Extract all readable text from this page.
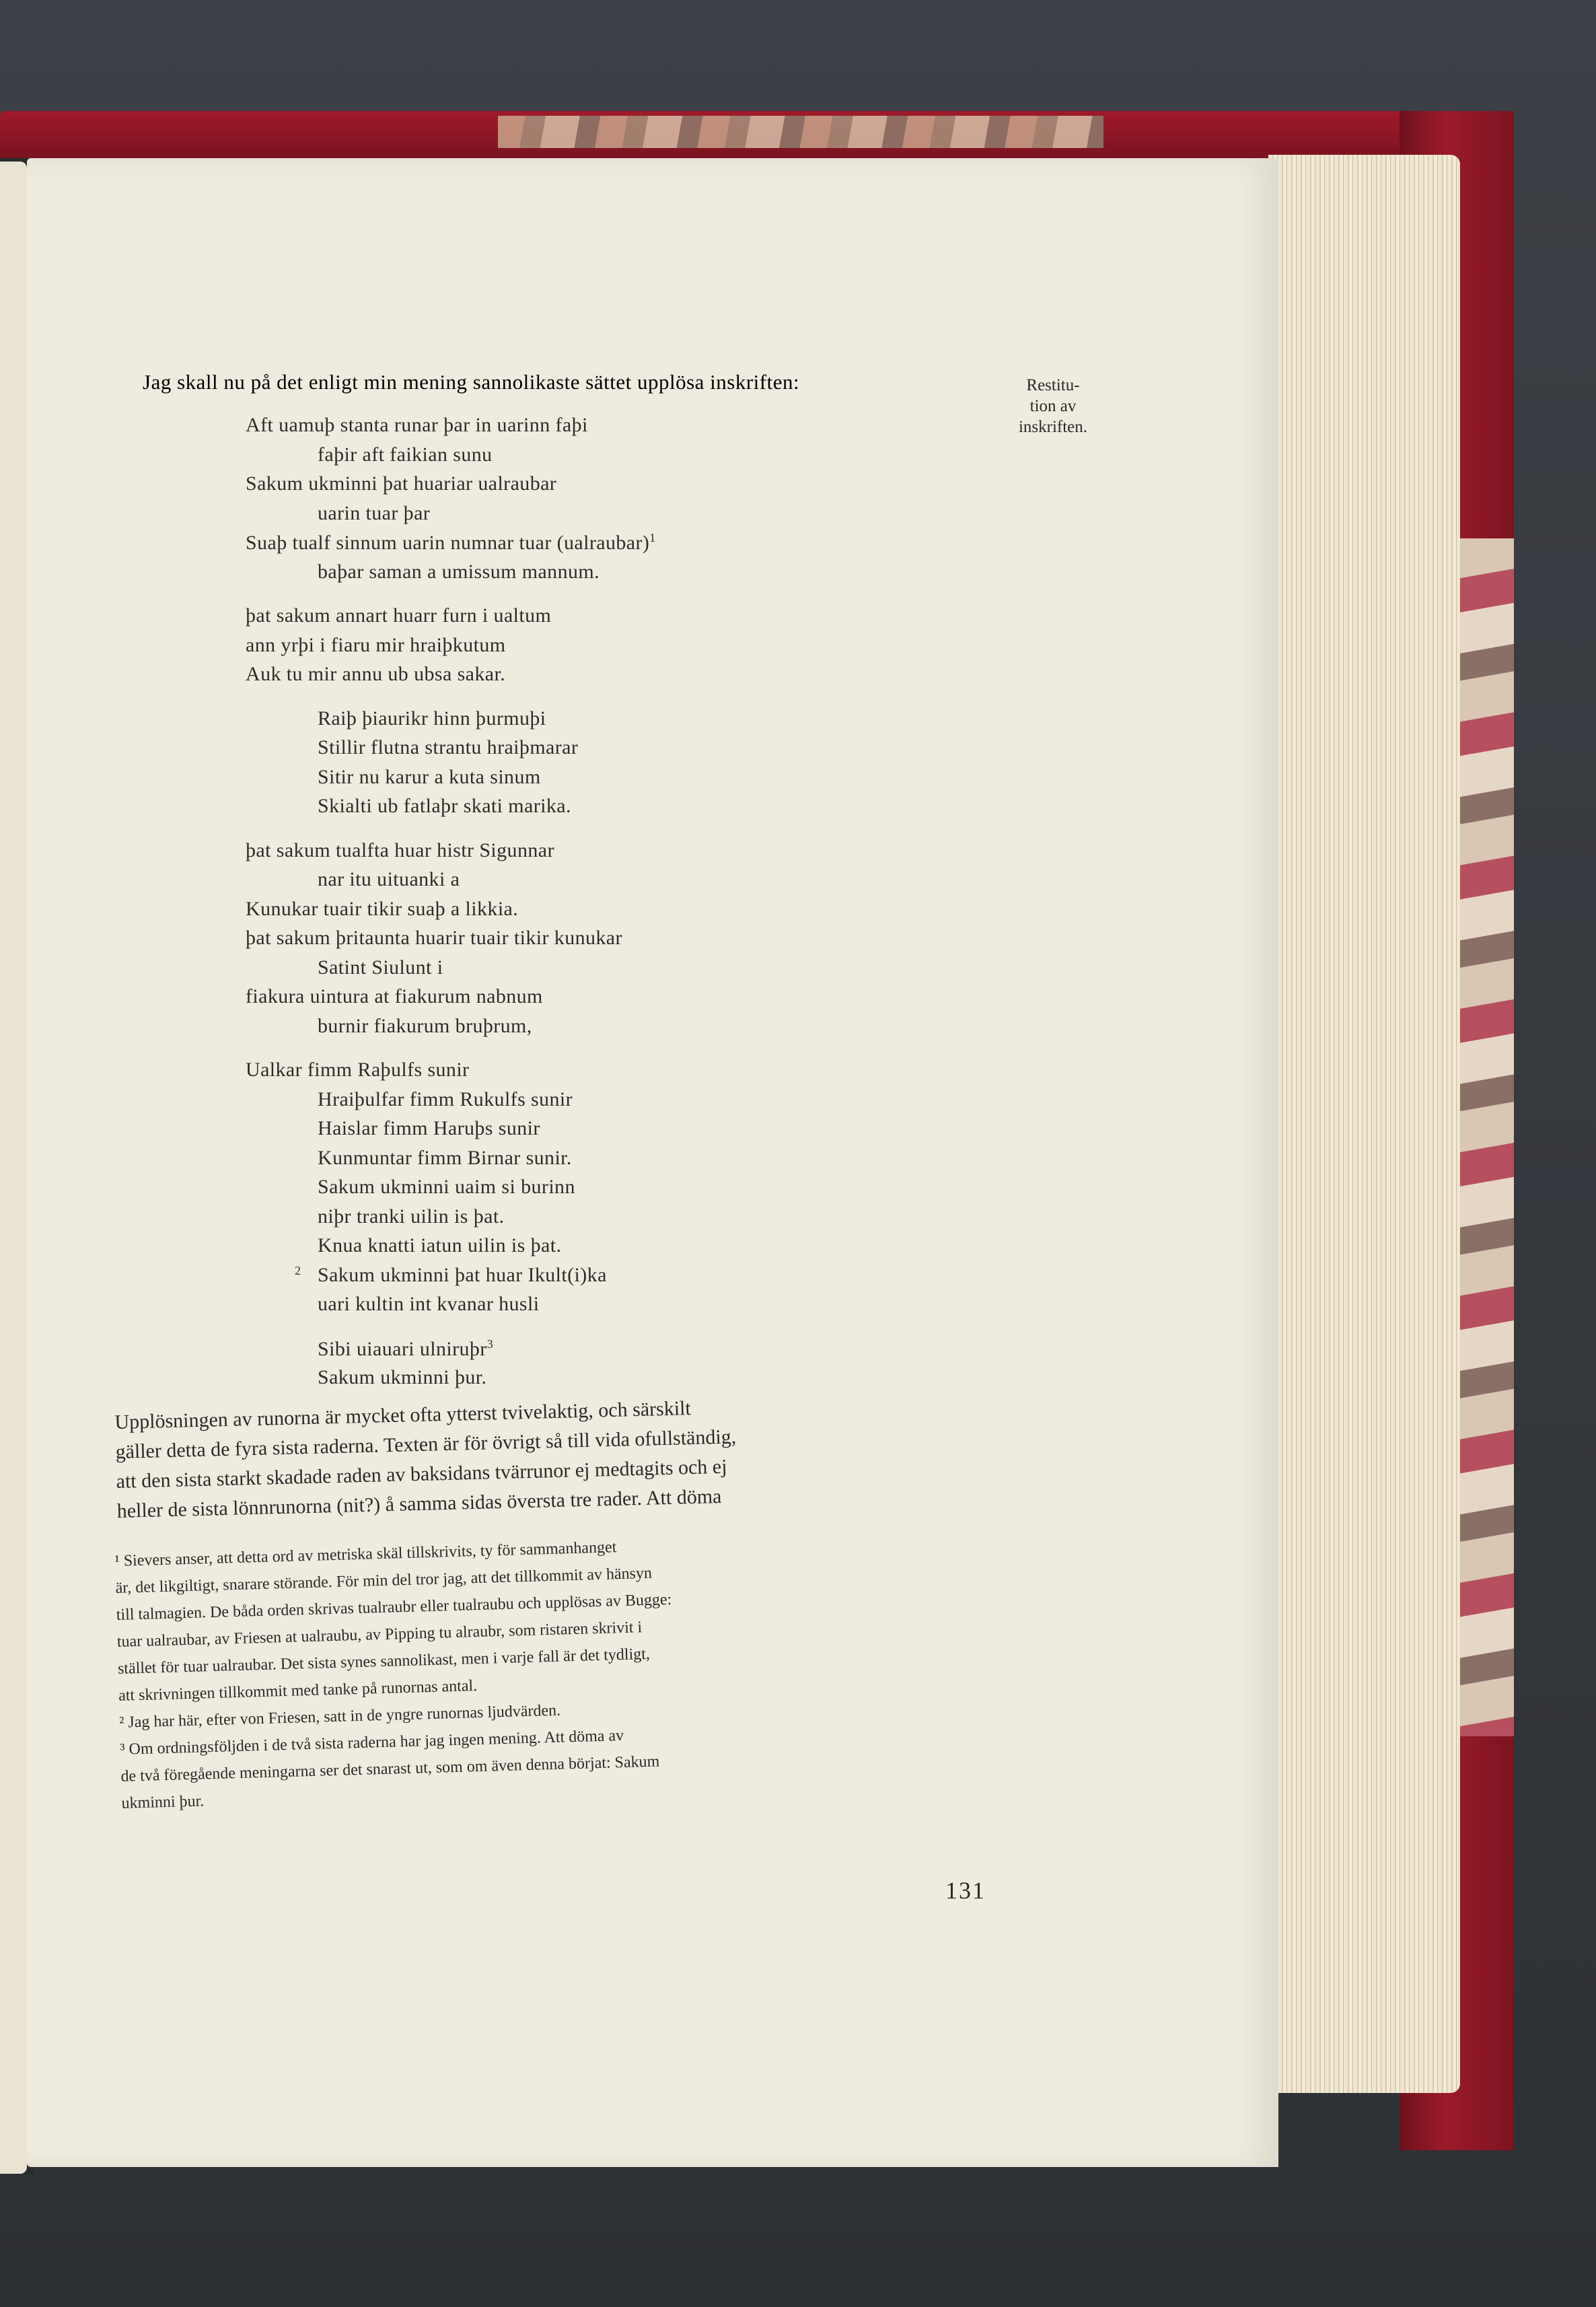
Jag skall nu på det enligt min mening sannolikaste sättet upplösa inskriften:	Restitu-
tion av
inskriften.
Aft uamuþ stanta runar þar in uarinn faþi
faþir aft faikian sunu
Sakum ukminni þat huariar ualraubar
uarin tuar þar
Suaþ tualf sinnum uarin numnar tuar (ualraubar)$^1$
baþar saman a umissum mannum.
þat sakum annart huarr furn i ualtum
ann yrþi i fiaru mir hraiþkutum
Auk tu mir annu ub ubsa sakar.
Raiþ þiaurikr hinn þurmuþi
Stillir flutna strantu hraiþmarar
Sitir nu karur a kuta sinum
Skialti ub fatlaþr skati marika.
þat sakum tualfta huar histr Sigunnar
nar itu uituanki a
Kunukar tuair tikir suaþ a likkia.
þat sakum þritaunta huarir tuair tikir kunukar
Satint Siulunt i
fiakura uintura at fiakurum nabnum
burnir fiakurum bruþrum,
Ualkar fimm Raþulfs sunir
Hraiþulfar fimm Rukulfs sunir
Haislar fimm Haruþs sunir
Kunmuntar fimm Birnar sunir.
Sakum ukminni uaim si burinn
niþr tranki uilin is þat.
Knua knatti iatun uilin is þat.
2 Sakum ukminni þat huar Ikult(i)ka
uari kultin int kvanar husli
Sibi uiauari ulniruþr$^3$
Sakum ukminni þur.
Upplösningen av runorna är mycket ofta ytterst tvivelaktig, och särskilt
gäller detta de fyra sista raderna. Texten är för övrigt så till vida ofullständig,
att den sista starkt skadade raden av baksidans tvärrunor ej medtagits och ej
heller de sista lönnrunorna (nit?) å samma sidas översta tre rader. Att döma
¹ Sievers anser, att detta ord av metriska skäl tillskrivits, ty för sammanhanget
är, det likgiltigt, snarare störande. För min del tror jag, att det tillkommit av hänsyn
till talmagien. De båda orden skrivas tualraubr eller tualraubu och upplösas av Bugge:
tuar ualraubar, av Friesen at ualraubu, av Pipping tu alraubr, som ristaren skrivit i
stället för tuar ualraubar. Det sista synes sannolikast, men i varje fall är det tydligt,
att skrivningen tillkommit med tanke på runornas antal.
² Jag har här, efter von Friesen, satt in de yngre runornas ljudvärden.
³ Om ordningsföljden i de två sista raderna har jag ingen mening. Att döma av
de två föregående meningarna ser det snarast ut, som om även denna börjat: Sakum
ukminni þur.
131
